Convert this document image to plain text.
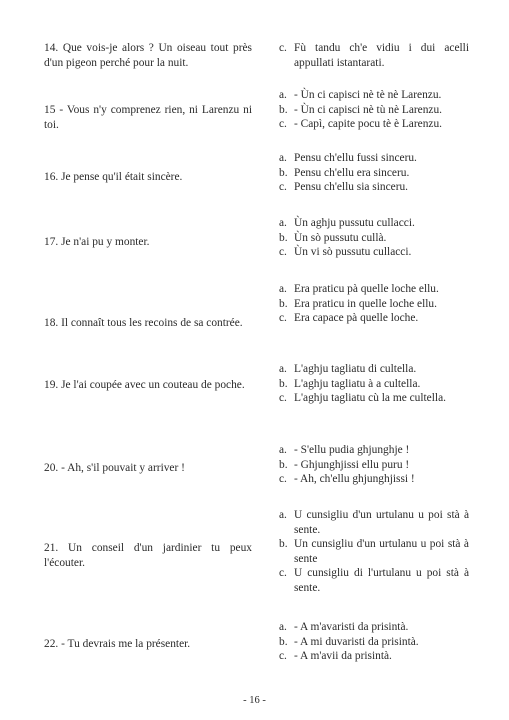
14. Que vois-je alors ? Un oiseau tout près d'un pigeon perché pour la nuit.
c. Fù tandu ch'e vidiu i dui acelli appullati istantarati.
15 - Vous n'y comprenez rien, ni Larenzu ni toi.
a. - Ùn ci capisci nè tè nè Larenzu.
b. - Ùn ci capisci nè tù nè Larenzu.
c. - Capì, capite pocu tè è Larenzu.
16. Je pense qu'il était sincère.
a. Pensu ch'ellu fussi sinceru.
b. Pensu ch'ellu era sinceru.
c. Pensu ch'ellu sia sinceru.
17. Je n'ai pu y monter.
a. Ùn aghju pussutu cullacci.
b. Ùn sò pussutu cullà.
c. Ùn vi sò pussutu cullacci.
18. Il connaît tous les recoins de sa contrée.
a. Era praticu pà quelle loche ellu.
b. Era praticu in quelle loche ellu.
c. Era capace pà quelle loche.
19. Je l'ai coupée avec un couteau de poche.
a. L'aghju tagliatu di cultella.
b. L'aghju tagliatu à a cultella.
c. L'aghju tagliatu cù la me cultella.
20. - Ah, s'il pouvait y arriver !
a. - S'ellu pudia ghjunghje !
b. - Ghjunghjissi ellu puru !
c. - Ah, ch'ellu ghjunghjissi !
21. Un conseil d'un jardinier tu peux l'écouter.
a. U cunsigliu d'un urtulanu u poi stà à sente.
b. Un cunsigliu d'un urtulanu u poi stà à sente
c. U cunsigliu di l'urtulanu u poi stà à sente.
22. - Tu devrais me la présenter.
a. - A m'avaristi da prisintà.
b. - A mi duvaristi da prisintà.
c. - A m'avii da prisintà.
- 16 -
